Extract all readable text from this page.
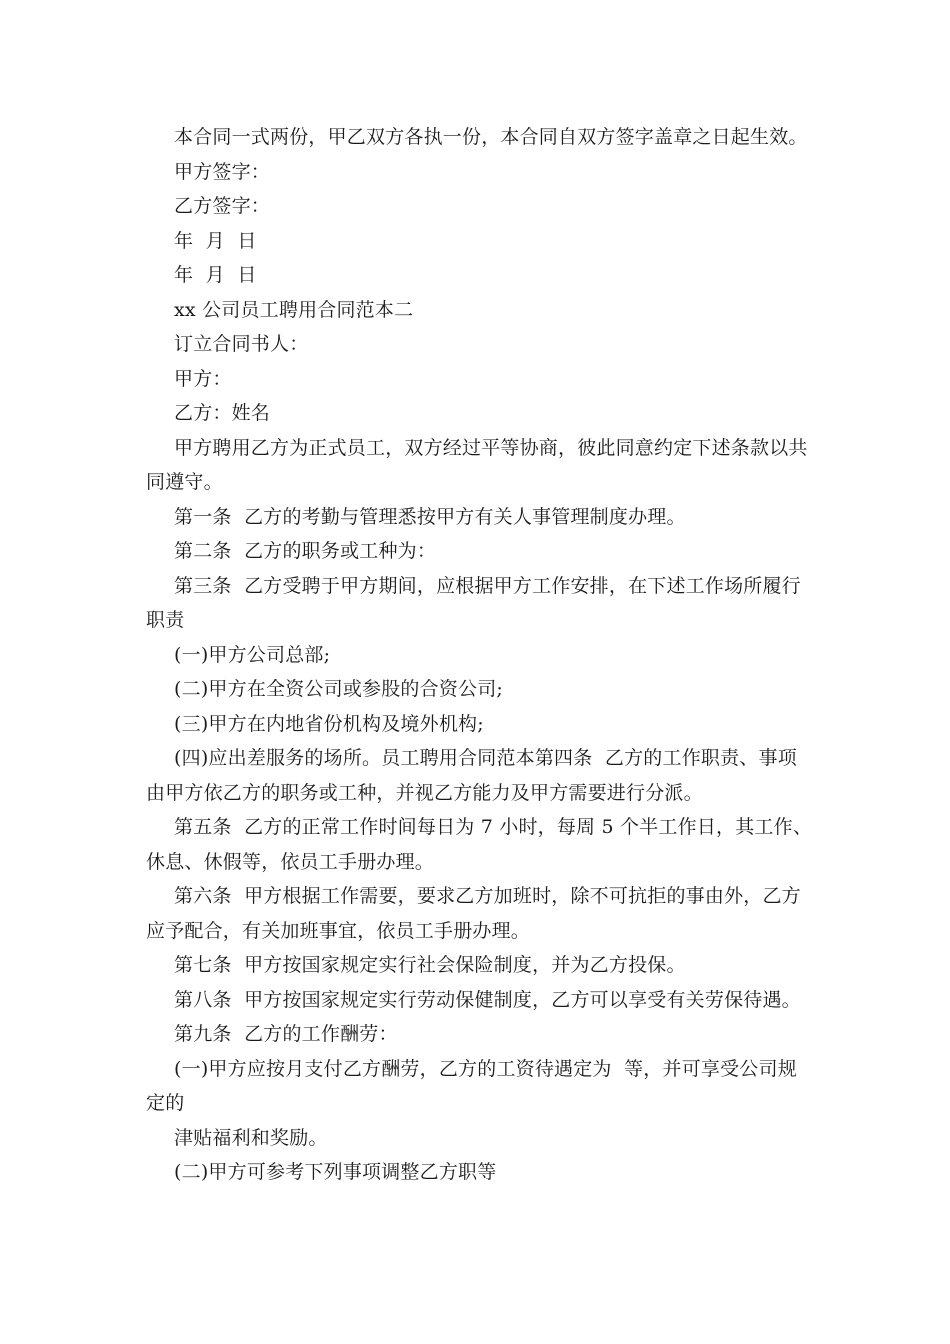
本合同一式两份，甲乙双方各执一份，本合同自双方签字盖章之日起生效。
甲方签字：
乙方签字：
年  月  日
年  月  日
xx 公司员工聘用合同范本二
订立合同书人：
甲方：
乙方：姓名
甲方聘用乙方为正式员工，双方经过平等协商，彼此同意约定下述条款以共
同遵守。
第一条  乙方的考勤与管理悉按甲方有关人事管理制度办理。
第二条  乙方的职务或工种为：
第三条  乙方受聘于甲方期间，应根据甲方工作安排，在下述工作场所履行
职责
(一)甲方公司总部;
(二)甲方在全资公司或参股的合资公司;
(三)甲方在内地省份机构及境外机构;
(四)应出差服务的场所。员工聘用合同范本第四条  乙方的工作职责、事项
由甲方依乙方的职务或工种，并视乙方能力及甲方需要进行分派。
第五条  乙方的正常工作时间每日为 7 小时，每周 5 个半工作日，其工作、
休息、休假等，依员工手册办理。
第六条  甲方根据工作需要，要求乙方加班时，除不可抗拒的事由外，乙方
应予配合，有关加班事宜，依员工手册办理。
第七条  甲方按国家规定实行社会保险制度，并为乙方投保。
第八条  甲方按国家规定实行劳动保健制度，乙方可以享受有关劳保待遇。
第九条  乙方的工作酬劳：
(一)甲方应按月支付乙方酬劳，乙方的工资待遇定为  等，并可享受公司规
定的
津贴福利和奖励。
(二)甲方可参考下列事项调整乙方职等
